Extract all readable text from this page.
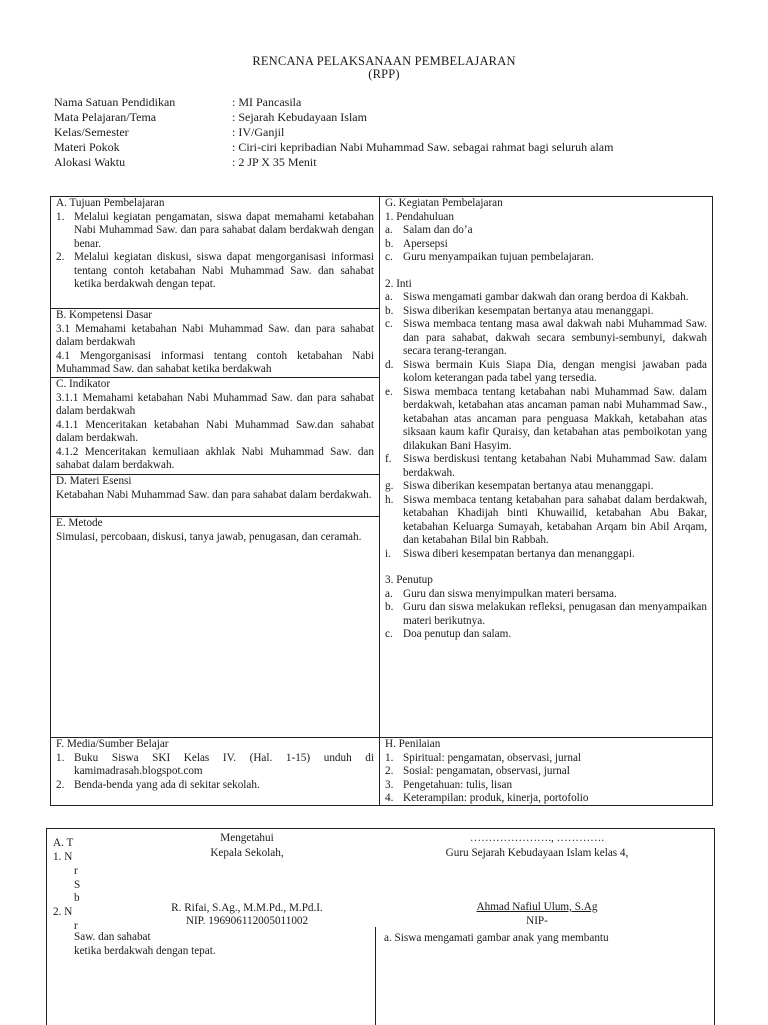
RENCANA PELAKSANAAN PEMBELAJARAN
(RPP)
Nama Satuan Pendidikan	: MI Pancasila
Mata Pelajaran/Tema	: Sejarah Kebudayaan Islam
Kelas/Semester	: IV/Ganjil
Materi Pokok	: Ciri-ciri kepribadian Nabi Muhammad Saw. sebagai rahmat bagi seluruh alam
Alokasi Waktu	: 2 JP X 35 Menit
A. Tujuan Pembelajaran
1. Melalui kegiatan pengamatan, siswa dapat memahami ketabahan Nabi Muhammad Saw. dan para sahabat dalam berdakwah dengan benar.
2. Melalui kegiatan diskusi, siswa dapat mengorganisasi informasi tentang contoh ketabahan Nabi Muhammad Saw. dan sahabat ketika berdakwah dengan tepat.
B. Kompetensi Dasar
3.1 Memahami ketabahan Nabi Muhammad Saw. dan para sahabat dalam berdakwah
4.1 Mengorganisasi informasi tentang contoh ketabahan Nabi Muhammad Saw. dan sahabat ketika berdakwah
C. Indikator
3.1.1 Memahami ketabahan Nabi Muhammad Saw. dan para sahabat dalam berdakwah
4.1.1 Menceritakan ketabahan Nabi Muhammad Saw.dan sahabat dalam berdakwah.
4.1.2 Menceritakan kemuliaan akhlak Nabi Muhammad Saw. dan sahabat dalam berdakwah.
D. Materi Esensi
Ketabahan Nabi Muhammad Saw. dan para sahabat dalam berdakwah.
E. Metode
Simulasi, percobaan, diskusi, tanya jawab, penugasan, dan ceramah.
F. Media/Sumber Belajar
1. Buku Siswa SKI Kelas IV. (Hal. 1-15) unduh di kamimadrasah.blogspot.com
2. Benda-benda yang ada di sekitar sekolah.
G. Kegiatan Pembelajaran
1. Pendahuluan
a. Salam dan do’a
b. Apersepsi
c. Guru menyampaikan tujuan pembelajaran.
2. Inti
a. Siswa mengamati gambar dakwah dan orang berdoa di Kakbah.
b. Siswa diberikan kesempatan bertanya atau menanggapi.
c. Siswa membaca tentang masa awal dakwah nabi Muhammad Saw. dan para sahabat, dakwah secara sembunyi-sembunyi, dakwah secara terang-terangan.
d. Siswa bermain Kuis Siapa Dia, dengan mengisi jawaban pada kolom keterangan pada tabel yang tersedia.
e. Siswa membaca tentang ketabahan nabi Muhammad Saw. dalam berdakwah, ketabahan atas ancaman paman nabi Muhammad Saw., ketabahan atas ancaman para penguasa Makkah, ketabahan atas siksaan kaum kafir Quraisy, dan ketabahan atas pemboikotan yang dilakukan Bani Hasyim.
f.	Siswa berdiskusi tentang ketabahan Nabi Muhammad Saw. dalam berdakwah.
g. Siswa diberikan kesempatan bertanya atau menanggapi.
h. Siswa membaca tentang ketabahan para sahabat dalam berdakwah, ketabahan Khadijah binti Khuwailid, ketabahan Abu Bakar, ketabahan Keluarga Sumayah, ketabahan Arqam bin Abil Arqam, dan ketabahan Bilal bin Rabbah.
i.	Siswa diberi kesempatan bertanya dan menanggapi.
3. Penutup
a. Guru dan siswa menyimpulkan materi bersama.
b. Guru dan siswa melakukan refleksi, penugasan dan menyampaikan materi berikutnya.
c. Doa penutup dan salam.
H. Penilaian
1. Spiritual: pengamatan, observasi, jurnal
2. Sosial: pengamatan, observasi, jurnal
3. Pengetahuan: tulis, lisan
4. Keterampilan: produk, kinerja, portofolio
A. T
1. N
r
S
b
2. N
r
Saw. dan sahabat
ketika berdakwah dengan tepat.
a. Siswa mengamati gambar anak yang membantu
Mengetahui
Kepala Sekolah,
R. Rifai, S.Ag., M.M.Pd., M.Pd.I.
NIP. 196906112005011002
…………………., ………….
Guru Sejarah Kebudayaan Islam kelas 4,
Ahmad Nafiul Ulum, S.Ag
NIP-
